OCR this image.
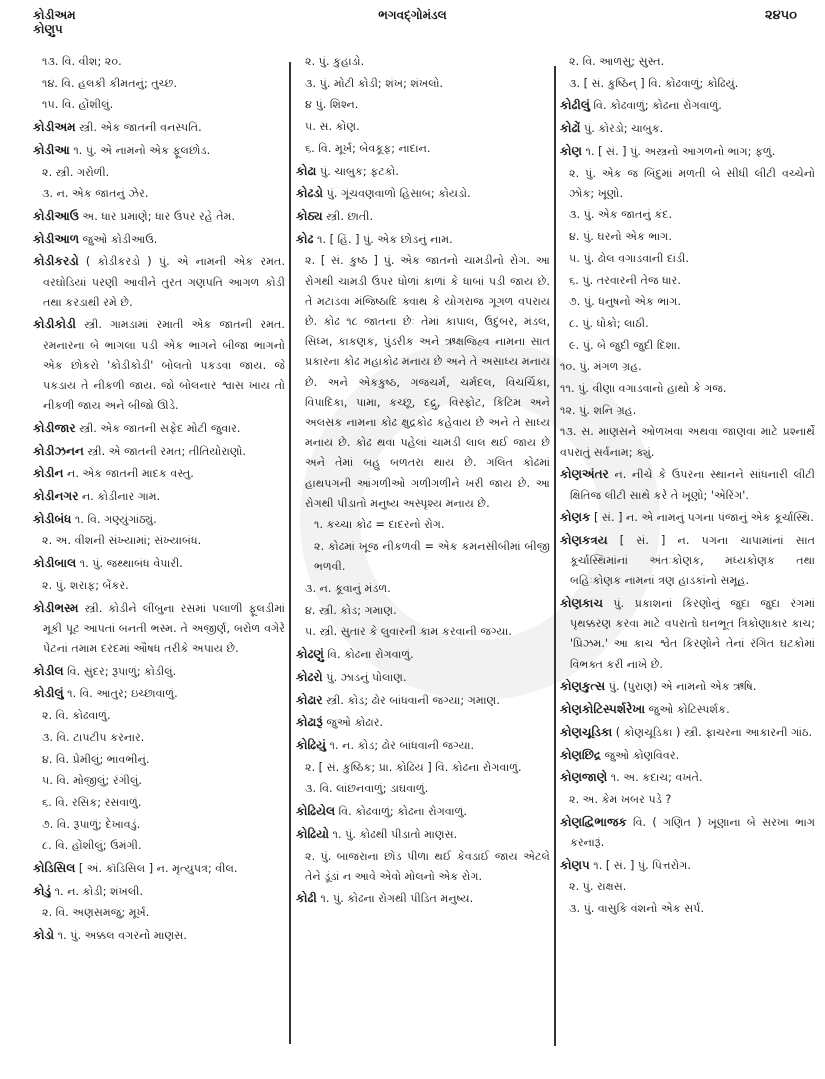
કોડીઅમ
કોણુપ
ભગવદ્ગોમંડલ	૨૪૫૦
૧૩. વિ. વીશ; ૨૦.
૧૪. વિ. હલકી કીમતનું; તુચ્છ.
૧૫. વિ. હોંશીલું.
કોડીઅમ સ્ત્રી. એક જાતની વનસ્પતિ.
કોડીઆ ૧. પું. એ નામનો એક ફૂલછોડ.
૨. સ્ત્રી. ગરોળી.
૩. ન. એક જાતનું ઝેર.
કોડીઆઉ અ. ધાર પ્રમાણે; ધાર ઉપર રહે તેમ.
કોડીઆળ જુઓ કોડીઆઉ.
કોડીકરડો ( કોડીકરડો ) પું. એ નામની એક રમત. વરઘોડિયાં પરણી આવીને તુરત ગણપતિ આગળ કોડી તથા કરડાથી રમે છે.
કોડીકોડી સ્ત્રી. ગામડામાં રમાતી એક જાતની રમત. રમનારના બે ભાગલા પડી એક ભાગને બીજા ભાગનો એક છોકરો 'કોડીકોડી' બોલતો પકડવા જાય. જે પકડાય તે નીકળી જાય. જો બોલનાર શ્વાસ ખાય તો નીકળી જાય અને બીજો ઊડે.
કોડીજાર સ્ત્રી. એક જાતની સફેદ મોટી જુવાર.
કોડીઝનન સ્ત્રી. એ જાતની રમત; તીતિયોરાણો.
કોડીન ન. એક જાતની માદક વસ્તુ.
કોડીનગર ન. કોડીનાર ગામ.
કોડીબંધ ૧. વિ. ગણ્યુંગાંઠ્યું.
૨. અ. વીશની સંખ્યામાં; સંખ્યાબંધ.
કોડીબાલ ૧. પું. જથ્થાબંધ વેપારી.
૨. પું. શરાફ; બેંકર.
કોડીભસ્મ સ્ત્રી. કોડીને લીંબુના રસમાં પલાળી ફૂલડીમાં મૂકી પૂટ આપતાં બનતી ભસ્મ. તે અજીર્ણ, બરોળ વગેરે પેટનાં તમામ દરદમાં ઔષધ તરીકે અપાય છે.
કોડીલ વિ. સુંદર; રૂપાળું; કોડીલું.
કોડીલું ૧. વિ. આતુર; ઇચ્છાવાળું.
૨. વિ. કોઢવાળું.
૩. વિ. ટાપટીપ કરનાર.
૪. વિ. પ્રેમીલું; ભાવભીનું.
૫. વિ. મોજીલું; રંગીલું.
૬. વિ. રસિક; રસવાળું.
૭. વિ. રૂપાળું; દેખાવડું.
૮. વિ. હોંશીલું; ઉમંગી.
કોડિસિલ [ અં. કૉડિસિલ ] ન. મૃત્યુપત્ર; વીલ.
કોડું ૧. ન. કોડી; શંખલી.
૨. વિ. અણસમજુ; મૂર્ખ.
કોડો ૧. પું. અક્કલ વગરનો માણસ.
૨. પું. કુહાડો.
૩. પું. મોટી કોડી; શંખ; શંખલો.
૪ પું. શિશ્ન.
૫. સ. કોણ.
૬. વિ. મૂર્ખ; બેવકૂફ; નાદાન.
કોઢા પું. ચાબુક; ફટકો.
કોઢડો પું. ગૂંચવણવાળો હિસાબ; કોયડો.
કોઠ્ય સ્ત્રી. છાતી.
કોઢ ૧. [ હિં. ] પું. એક છોડનું નામ.
૨. [ સં. કુષ્ઠ ] પું. એક જાતનો ચામડીનો રોગ. આ રોગથી ચામડી ઉપર ધોળાં કાળાં કે ધાબાં પડી જાય છે. તે મટાડવા મંજિષ્ઠાદિ ક્વાથ કે યોગરાજ ગૂગળ વપરાય છે. કોઢ ૧૮ જાતના છેઃ તેમાં કાપાલ, ઉદુંબર, મંડલ, સિધ્મ, કાકણક, પુંડરીક અને ઋક્ષજિહ્વ નામના સાત પ્રકારના કોઢ મહાકોઢ મનાય છે અને તે અસાધ્ય મનાય છે. અને એકકુષ્ઠ, ગજચર્મ, ચર્મદલ, વિચર્ચિકા, વિપાદિકા, પામા, કચ્છૂ, દદ્રુ, વિસ્ફોટ, કિટિમ અને અલસક નામના કોઢ ક્ષુદ્રકોઢ કહેવાય છે અને તે સાધ્ય મનાય છે. કોઢ થવા પહેલાં ચામડી લાલ થઈ જાય છે અને તેમાં બહુ બળતરા થાય છે. ગલિત કોઢમાં હાથપગની આંગળીઓ ગળીગળીને ખરી જાય છે. આ રોગથી પીડાતો મનુષ્ય અસ્પૃશ્ય મનાય છે.
૧. કચ્ચા કોઢ = દાદરનો રોગ.
૨. કોઢમાં ખૂજ નીકળવી = એક કમનસીબીમાં બીજી ભળવી.
૩. ન. કૂવાનું મંડળ.
૪. સ્ત્રી. કોડ; ગમાણ.
૫. સ્ત્રી. સુતાર કે લુવારની કામ કરવાની જગ્યા.
કોઢણું વિ. કોઢના રોગવાળું.
કોઢરો પું. ઝાડનું પોલાણ.
કોઢાર સ્ત્રી. કોડ; ઢોર બાંધવાની જગ્યા; ગમાણ.
કોઢારૂં જુઓ કોઢાર.
કોઢિયું ૧. ન. કોડ; ઢોર બાંધવાની જગ્યા.
૨. [ સં. કુષ્ઠિક; પ્રા. કોઢિય ] વિ. કોઢના રોગવાળું.
૩. વિ. લાંછનવાળું; ડાઘવાળું.
કોઢિયેલ વિ. કોઢવાળું; કોઢના રોગવાળું.
કોઢિયો ૧. પું. કોઢથી પીડાતો માણસ.
૨. પું. બાજરાના છોડ પીળા થઈ કેવડાઈ જાય એટલે તેને ડૂંડાં ન આવે એવો મોલનો એક રોગ.
કોઢી ૧. પું. કોઢના રોગથી પીડિત મનુષ્ય.
૨. વિ. આળસુ; સુસ્ત.
૩. [ સં. કુષ્ઠિન્ ] વિ. કોઢવાળું; કોઢિયું.
કોઢીલું વિ. કોઢવાળું; કોઢના રોગવાળું.
કોઢોં પું. કોરડો; ચાબુક.
કોણ ૧. [ સં. ] પું. અસ્ત્રનો આગળનો ભાગ; ફળું.
૨. પું. એક જ બિંદુમાં મળતી બે સીધી લીટી વચ્ચેનો ઝોક; ખૂણો.
૩. પું. એક જાતનું કંદ.
૪. પું. ઘરનો એક ભાગ.
૫. પું. ઢોલ વગાડવાની દાંડી.
૬. પું. તરવારની તેજ ધાર.
૭. પું. ધનુષનો એક ભાગ.
૮. પું. ધોકો; લાઠી.
૯. પું. બે જુદી જુદી દિશા.
૧૦. પું. મંગળ ગ્રહ.
૧૧. પું. વીણા વગાડવાનો હાથો કે ગજ.
૧૨. પું. શનિ ગ્રહ.
૧૩. સ. માણસને ઓળખવા અથવા જાણવા માટે પ્રશ્નાર્થે વપરાતું સર્વનામ; ક્યું.
કોણઅંતર ન. નીચે કે ઉપરના સ્થાનને સાંધનારી લીટી ક્ષિતિજ લીટી સાથે કરે તે ખૂણો; 'એરિંગ'.
કોણક [ સં. ] ન. એ નામનું પગના પંજાનું એક કૂર્ચાસ્થિ.
કોણકત્રય [ સં. ] ન. પગના ચાપામાંનાં સાત કૂર્ચાસ્થિમાંનાં અંતઃકોણક, મધ્યકોણક તથા બહિઃકોણક નામનાં ત્રણ હાડકાંનો સમૂહ.
કોણકાચ પું. પ્રકાશનાં કિરણોનું જુદા જુદા રંગમાં પૃથક્કરણ કરવા માટે વપરાતો ઘનભૂત ત્રિકોણાકાર કાચ; 'પ્રિઝમ.' આ કાચ શ્વેત કિરણોને તેનાં રંગિત ઘટકોમાં વિભક્ત કરી નાખે છે.
કોણકુત્સ પું. (પુરાણ) એ નામનો એક ઋષિ.
કોણકોટિસ્પર્શરેખા જુઓ કોટિસ્પર્શક.
કોણચૂડિકા ( કોણચૂડિકા ) સ્ત્રી. ફાચરના આકારની ગાંઠ.
કોણછિદ્ર જુઓ કોણવિવર.
કોણજાણે ૧. અ. કદાચ; વખતે.
૨. અ. કેમ ખબર પડે ?
કોણદ્વિભાજક વિ. ( ગણિત ) ખૂણાના બે સરખા ભાગ કરનારૂં.
કોણપ ૧. [ સં. ] પું. પિત્તરોગ.
૨. પું. રાક્ષસ.
૩. પું. વાસુકિ વંશનો એક સર્પ.
